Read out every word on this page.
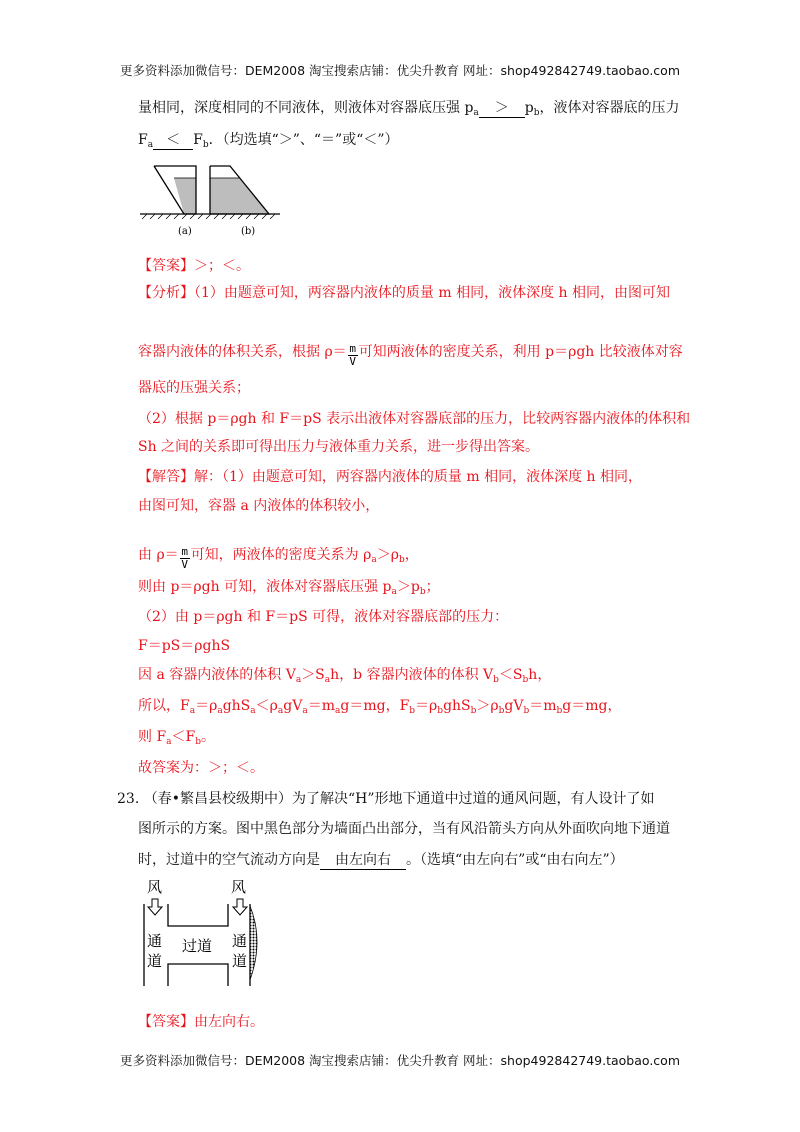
更多资料添加微信号：DEM2008 淘宝搜索店铺：优尖升教育 网址：shop492842749.taobao.com
量相同，深度相同的不同液体，则液体对容器底压强 $p_a > p_b$，液体对容器底的压力
$F_a < F_b$．（均选填“＞”、“＝”或“＜”）
(a)	(b)
【答案】＞；＜。
【分析】（1）由题意可知，两容器内液体的质量 m 相同，液体深度 h 相同，由图可知
容器内液体的体积关系，根据 $\rho= \frac{m}{V}$ 可知两液体的密度关系，利用 p＝ρgh 比较液体对容
器底的压强关系；
（2）根据 p＝ρgh 和 F＝pS 表示出液体对容器底部的压力，比较两容器内液体的体积和
Sh 之间的关系即可得出压力与液体重力关系，进一步得出答案。
【解答】解：（1）由题意可知，两容器内液体的质量 m 相同，液体深度 h 相同，
由图可知，容器 a 内液体的体积较小，
由 $\rho= \frac{m}{V}$ 可知，两液体的密度关系为 $\rho_a>\rho_b$，
则由 p＝ρgh 可知，液体对容器底压强 $p_a>p_b$；
（2）由 p＝ρgh 和 F＝pS 可得，液体对容器底部的压力：
F＝pS＝ρghS
因 a 容器内液体的体积 $V_a>S_ah$，b 容器内液体的体积 $V_b<S_bh$，
所以，$F_a=\rho_aghS_a<\rho_agV_a=m_ag=mg$，$F_b=\rho_bghS_b>\rho_bgV_b=m_bg=mg$，
则 $F_a<F_b$。
故答案为：＞；＜。
23. （春•繁昌县校级期中）为了解决“H”形地下通道中过道的通风问题，有人设计了如
图所示的方案。图中黑色部分为墙面凸出部分，当有风沿箭头方向从外面吹向地下通道
时，过道中的空气流动方向是 由左向右 。（选填“由左向右”或“由右向左”）
风	风
通
道
通
道
过道
【答案】由左向右。
更多资料添加微信号：DEM2008 淘宝搜索店铺：优尖升教育 网址：shop492842749.taobao.com
